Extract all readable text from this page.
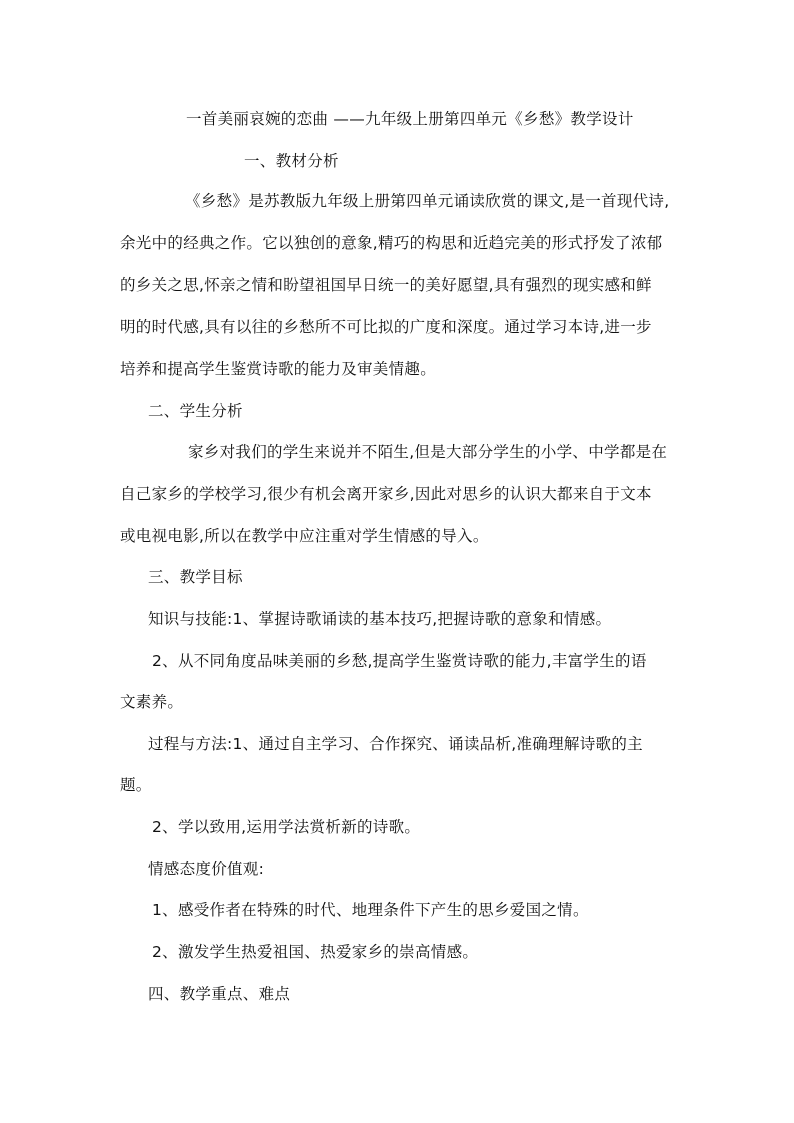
一首美丽哀婉的恋曲 ——九年级上册第四单元《乡愁》教学设计
一、教材分析
《乡愁》是苏教版九年级上册第四单元诵读欣赏的课文,是一首现代诗,
余光中的经典之作。它以独创的意象,精巧的构思和近趋完美的形式抒发了浓郁
的乡关之思,怀亲之情和盼望祖国早日统一的美好愿望,具有强烈的现实感和鲜
明的时代感,具有以往的乡愁所不可比拟的广度和深度。通过学习本诗,进一步
培养和提高学生鉴赏诗歌的能力及审美情趣。
二、学生分析
家乡对我们的学生来说并不陌生,但是大部分学生的小学、中学都是在
自己家乡的学校学习,很少有机会离开家乡,因此对思乡的认识大都来自于文本
或电视电影,所以在教学中应注重对学生情感的导入。
三、教学目标
知识与技能:1、掌握诗歌诵读的基本技巧,把握诗歌的意象和情感。
2、从不同角度品味美丽的乡愁,提高学生鉴赏诗歌的能力,丰富学生的语
文素养。
过程与方法:1、通过自主学习、合作探究、诵读品析,准确理解诗歌的主
题。
2、学以致用,运用学法赏析新的诗歌。
情感态度价值观:
1、感受作者在特殊的时代、地理条件下产生的思乡爱国之情。
2、激发学生热爱祖国、热爱家乡的崇高情感。
四、教学重点、难点
